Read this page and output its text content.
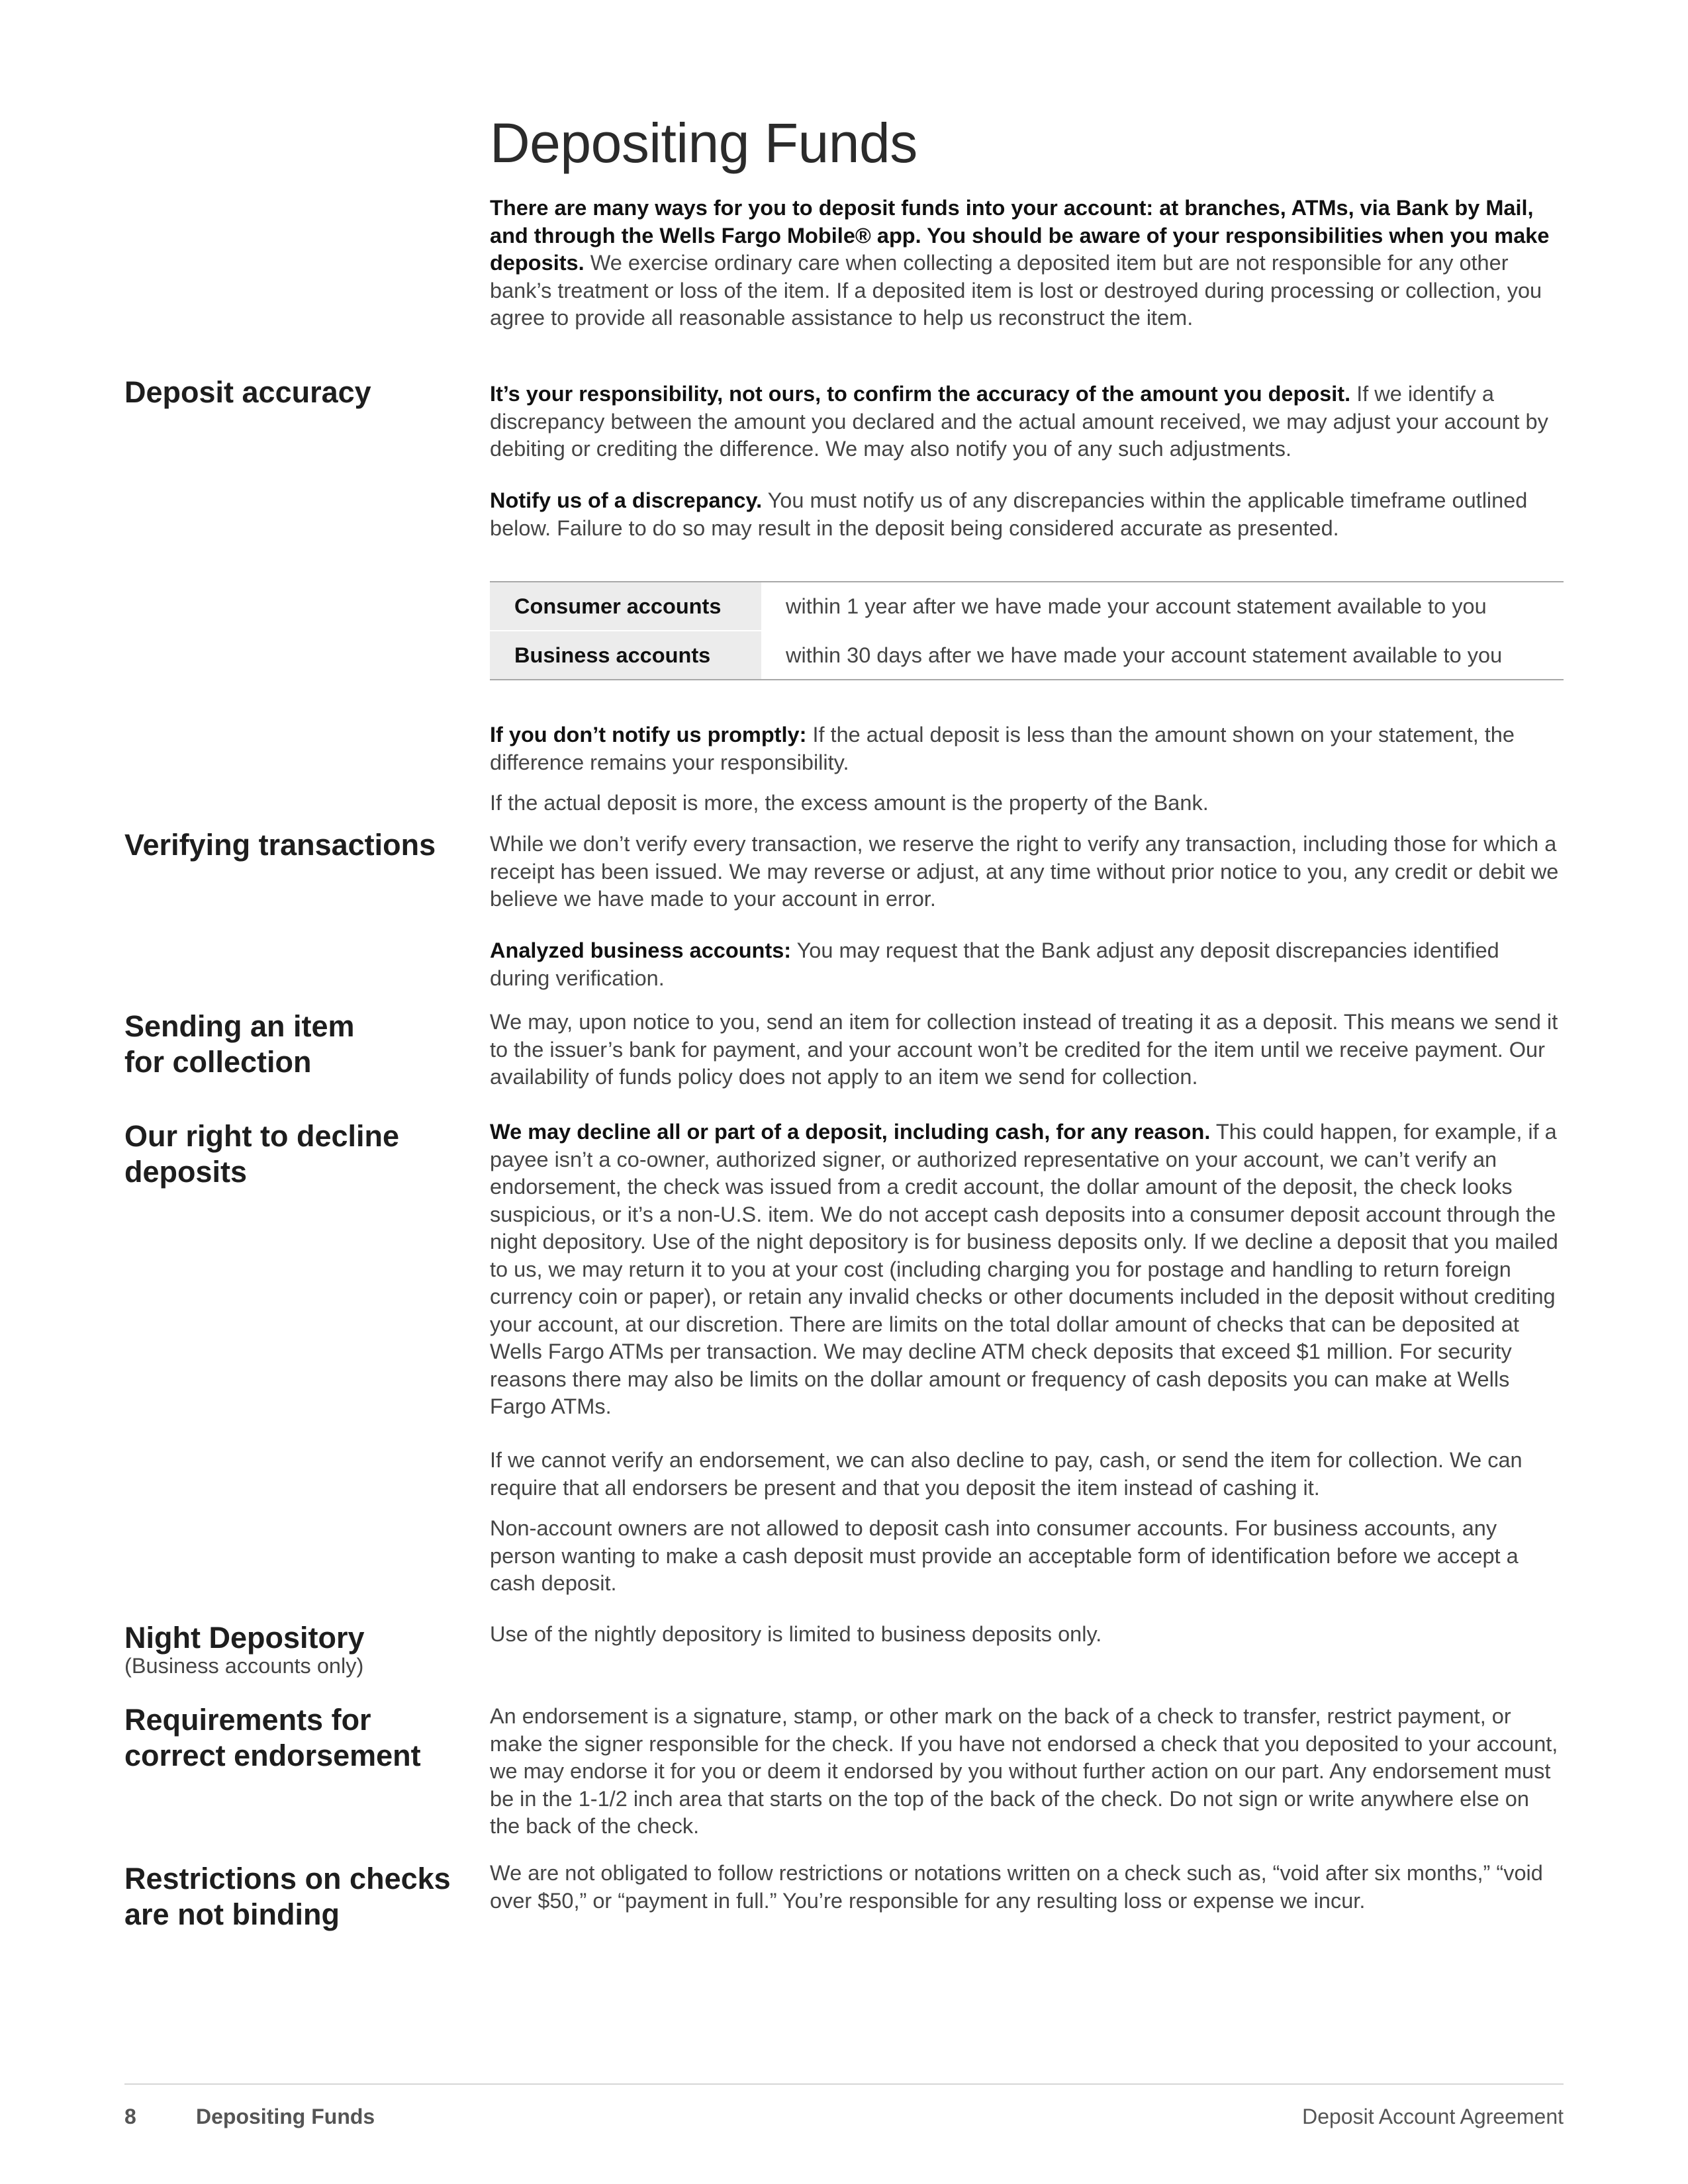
Depositing Funds

There are many ways for you to deposit funds into your account: at branches, ATMs, via Bank by Mail, and through the Wells Fargo Mobile® app. You should be aware of your responsibilities when you make deposits. We exercise ordinary care when collecting a deposited item but are not responsible for any other bank’s treatment or loss of the item. If a deposited item is lost or destroyed during processing or collection, you agree to provide all reasonable assistance to help us reconstruct the item.

Deposit accuracy	It’s your responsibility, not ours, to confirm the accuracy of the amount you deposit. If we identify a discrepancy between the amount you declared and the actual amount received, we may adjust your account by debiting or crediting the difference. We may also notify you of any such adjustments.

Notify us of a discrepancy. You must notify us of any discrepancies within the applicable timeframe outlined below. Failure to do so may result in the deposit being considered accurate as presented.

Consumer accounts	within 1 year after we have made your account statement available to you
Business accounts	within 30 days after we have made your account statement available to you

If you don’t notify us promptly: If the actual deposit is less than the amount shown on your statement, the difference remains your responsibility.

If the actual deposit is more, the excess amount is the property of the Bank.

Verifying transactions	While we don’t verify every transaction, we reserve the right to verify any transaction, including those for which a receipt has been issued. We may reverse or adjust, at any time without prior notice to you, any credit or debit we believe we have made to your account in error.

Analyzed business accounts: You may request that the Bank adjust any deposit discrepancies identified during verification.

Sending an item
for collection

We may, upon notice to you, send an item for collection instead of treating it as a deposit. This means we send it to the issuer’s bank for payment, and your account won’t be credited for the item until we receive payment. Our availability of funds policy does not apply to an item we send for collection.

Our right to decline
deposits

We may decline all or part of a deposit, including cash, for any reason. This could happen, for example, if a payee isn’t a co-owner, authorized signer, or authorized representative on your account, we can’t verify an endorsement, the check was issued from a credit account, the dollar amount of the deposit, the check looks suspicious, or it’s a non-U.S. item. We do not accept cash deposits into a consumer deposit account through the night depository. Use of the night depository is for business deposits only. If we decline a deposit that you mailed to us, we may return it to you at your cost (including charging you for postage and handling to return foreign currency coin or paper), or retain any invalid checks or other documents included in the deposit without crediting your account, at our discretion. There are limits on the total dollar amount of checks that can be deposited at Wells Fargo ATMs per transaction. We may decline ATM check deposits that exceed $1 million. For security reasons there may also be limits on the dollar amount or frequency of cash deposits you can make at Wells Fargo ATMs.

If we cannot verify an endorsement, we can also decline to pay, cash, or send the item for collection. We can require that all endorsers be present and that you deposit the item instead of cashing it.

Non-account owners are not allowed to deposit cash into consumer accounts. For business accounts, any person wanting to make a cash deposit must provide an acceptable form of identification before we accept a cash deposit.

Night Depository

(Business accounts only)

Use of the nightly depository is limited to business deposits only.

Requirements for
correct endorsement

An endorsement is a signature, stamp, or other mark on the back of a check to transfer, restrict payment, or make the signer responsible for the check. If you have not endorsed a check that you deposited to your account, we may endorse it for you or deem it endorsed by you without further action on our part. Any endorsement must be in the 1-1/2 inch area that starts on the top of the back of the check. Do not sign or write anywhere else on the back of the check.

Restrictions on checks
are not binding

We are not obligated to follow restrictions or notations written on a check such as, “void after six months,” “void over $50,” or “payment in full.” You’re responsible for any resulting loss or expense we incur.

8	Depositing Funds	Deposit Account Agreement
